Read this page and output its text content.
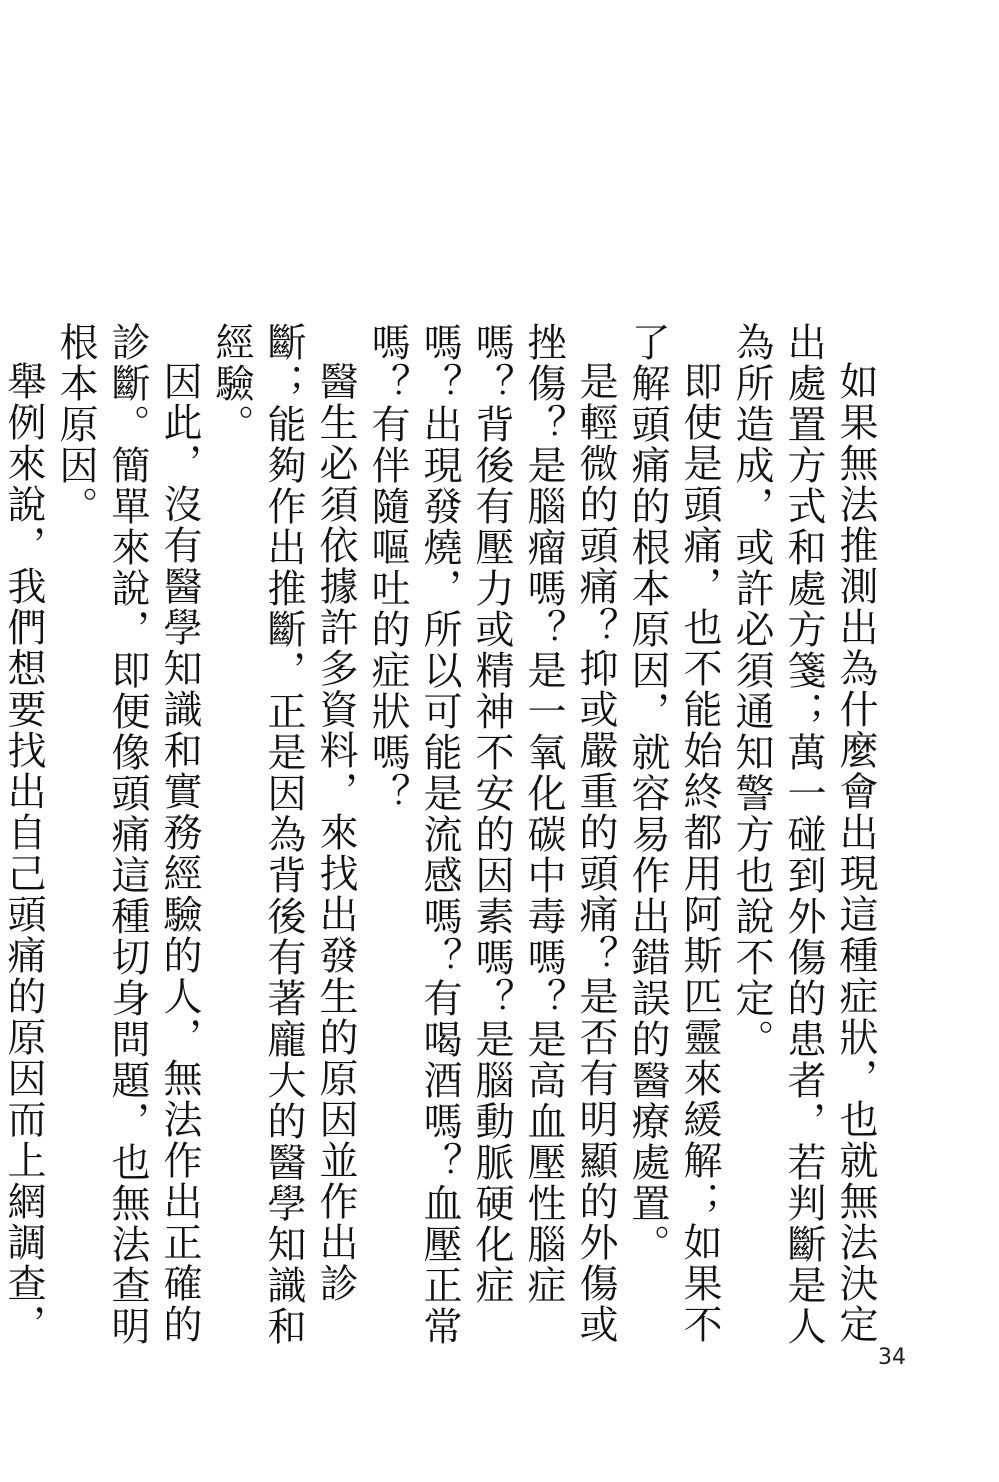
如果無法推測出為什麼會出現這種症狀，也就無法決定出處置方式和處方箋；萬一碰到外傷的患者，若判斷是人為所造成，或許必須通知警方也說不定。

即使是頭痛，也不能始終都用阿斯匹靈來緩解；如果不了解頭痛的根本原因，就容易作出錯誤的醫療處置。

是輕微的頭痛？抑或嚴重的頭痛？是否有明顯的外傷或挫傷？是腦瘤嗎？是一氧化碳中毒嗎？是高血壓性腦症嗎？背後有壓力或精神不安的因素嗎？是腦動脈硬化症嗎？出現發燒，所以可能是流感嗎？有喝酒嗎？血壓正常嗎？有伴隨嘔吐的症狀嗎？

醫生必須依據許多資料，來找出發生的原因並作出診斷；能夠作出推斷，正是因為背後有著龐大的醫學知識和經驗。

因此，沒有醫學知識和實務經驗的人，無法作出正確的診斷。簡單來說，即便像頭痛這種切身問題，也無法查明根本原因。

舉例來說，我們想要找出自己頭痛的原因而上網調查，

34
